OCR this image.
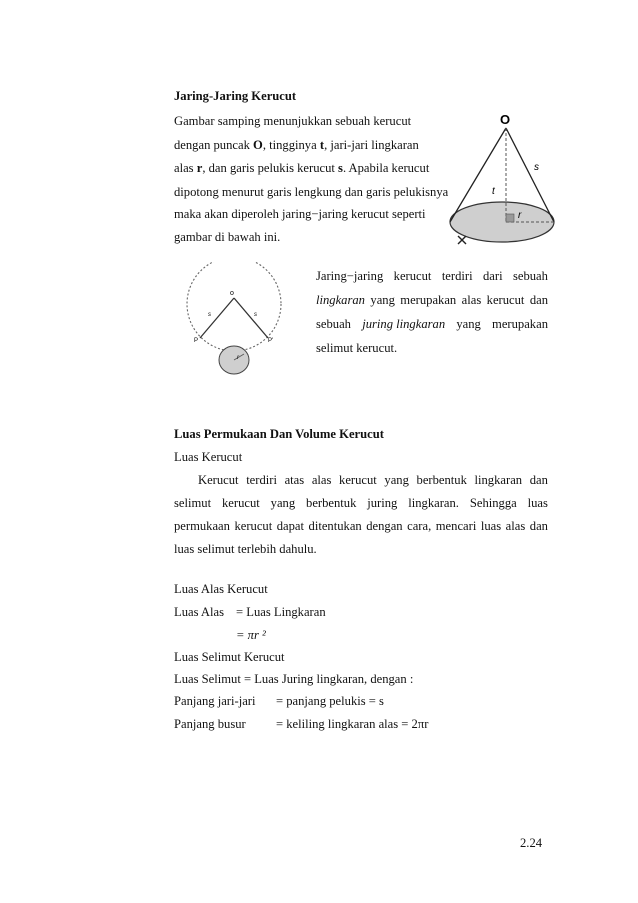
Jaring-Jaring Kerucut
Gambar samping menunjukkan sebuah kerucut
dengan puncak O, tingginya t, jari-jari lingkaran
alas r, dan garis pelukis kerucut s. Apabila kerucut
dipotong menurut garis lengkung dan garis pelukisnya
maka akan diperoleh jaring−jaring kerucut seperti
gambar di bawah ini.
O
t
s
r
o
s	s
P	P'
r
Jaring−jaring kerucut terdiri dari sebuah
lingkaran yang merupakan alas kerucut dan
sebuah juring lingkaran yang merupakan
selimut kerucut.
Luas Permukaan Dan Volume Kerucut
Luas Kerucut
Kerucut terdiri atas alas kerucut yang berbentuk lingkaran dan
selimut kerucut yang berbentuk juring lingkaran. Sehingga luas
permukaan kerucut dapat ditentukan dengan cara, mencari luas alas dan
luas selimut terlebih dahulu.
Luas Alas Kerucut
Luas Alas = Luas Lingkaran
= πr ²
Luas Selimut Kerucut
Luas Selimut = Luas Juring lingkaran, dengan :
Panjang jari-jari = panjang pelukis = s
Panjang busur = keliling lingkaran alas = 2πr
2.24
